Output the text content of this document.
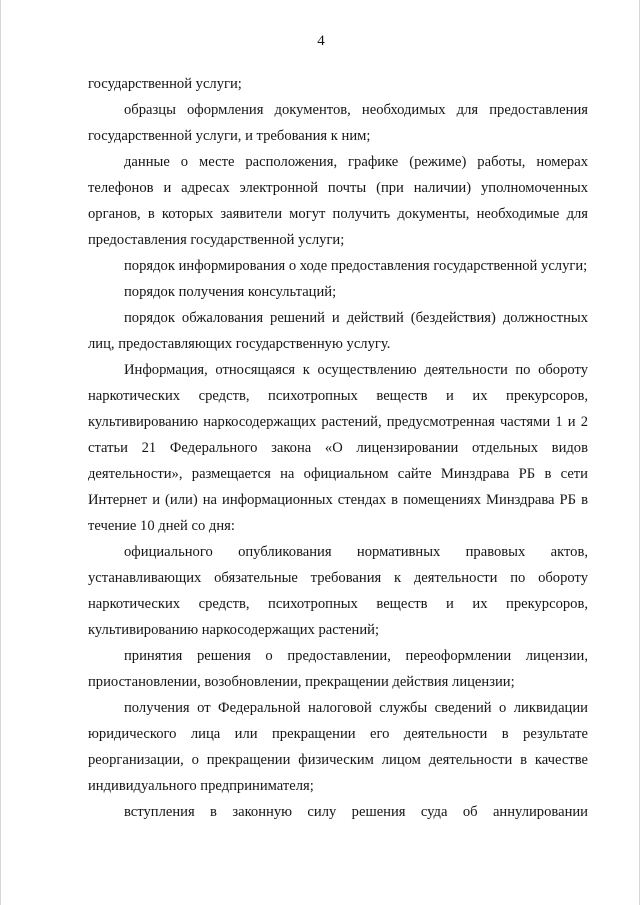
4

государственной услуги;

образцы оформления документов, необходимых для предоставления государственной услуги, и требования к ним;

данные о месте расположения, графике (режиме) работы, номерах телефонов и адресах электронной почты (при наличии) уполномоченных органов, в которых заявители могут получить документы, необходимые для предоставления государственной услуги;

порядок информирования о ходе предоставления государственной услуги;

порядок получения консультаций;

порядок обжалования решений и действий (бездействия) должностных лиц, предоставляющих государственную услугу.

Информация, относящаяся к осуществлению деятельности по обороту наркотических средств, психотропных веществ и их прекурсоров, культивированию наркосодержащих растений, предусмотренная частями 1 и 2 статьи 21 Федерального закона «О лицензировании отдельных видов деятельности», размещается на официальном сайте Минздрава РБ в сети Интернет и (или) на информационных стендах в помещениях Минздрава РБ в течение 10 дней со дня:

официального опубликования нормативных правовых актов, устанавливающих обязательные требования к деятельности по обороту наркотических средств, психотропных веществ и их прекурсоров, культивированию наркосодержащих растений;

принятия решения о предоставлении, переоформлении лицензии, приостановлении, возобновлении, прекращении действия лицензии;

получения от Федеральной налоговой службы сведений о ликвидации юридического лица или прекращении его деятельности в результате реорганизации, о прекращении физическим лицом деятельности в качестве индивидуального предпринимателя;

вступления в законную силу решения суда об аннулировании
